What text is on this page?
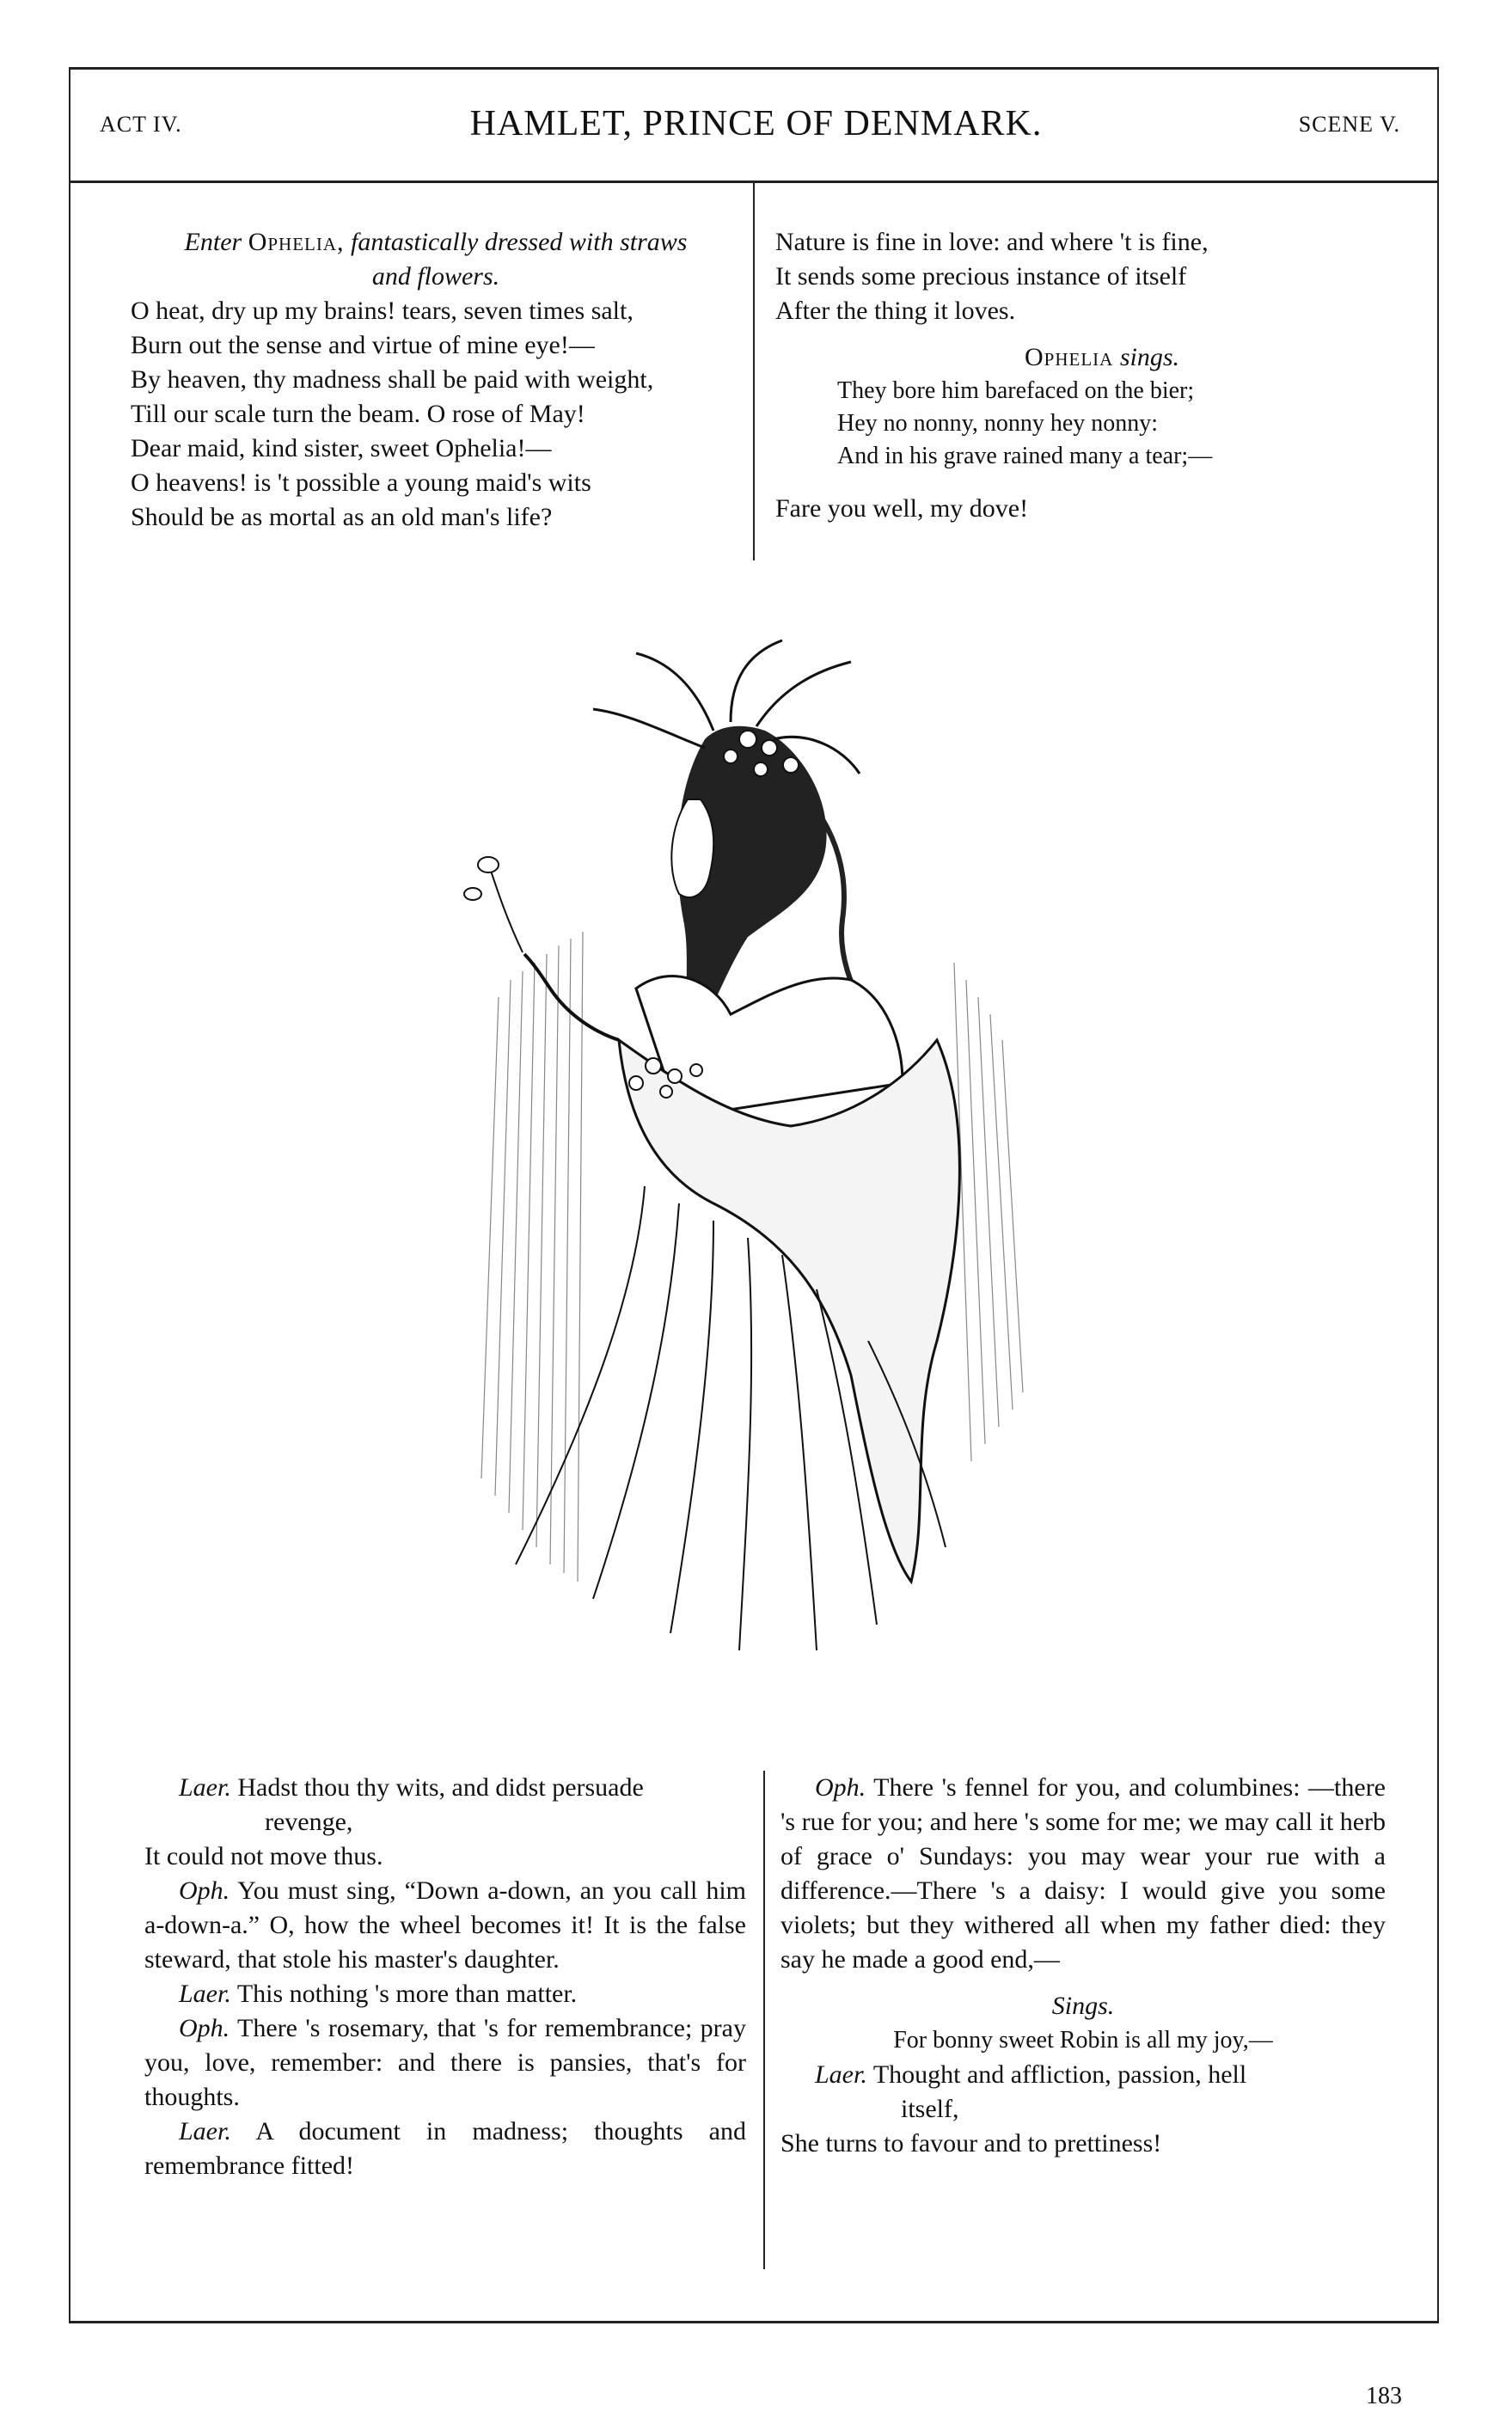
ACT IV.	HAMLET, PRINCE OF DENMARK.	SCENE V.

Enter Ophelia, fantastically dressed with straws

and flowers.

O heat, dry up my brains! tears, seven times salt,

Burn out the sense and virtue of mine eye!—

By heaven, thy madness shall be paid with weight,

Till our scale turn the beam. O rose of May!

Dear maid, kind sister, sweet Ophelia!—

O heavens! is 't possible a young maid's wits

Should be as mortal as an old man's life?

Nature is fine in love: and where 't is fine,

It sends some precious instance of itself

After the thing it loves.

Ophelia sings.

They bore him barefaced on the bier;

Hey no nonny, nonny hey nonny:

And in his grave rained many a tear;—

Fare you well, my dove!

Laer. Hadst thou thy wits, and didst persuade

revenge,

It could not move thus.

Oph. You must sing, “Down a-down, an you call him a-down-a.” O, how the wheel becomes it! It is the false steward, that stole his master's daughter.

Laer. This nothing 's more than matter.

Oph. There 's rosemary, that 's for remembrance; pray you, love, remember: and there is pansies, that's for thoughts.

Laer. A document in madness; thoughts and remembrance fitted!

Oph. There 's fennel for you, and columbines: —there 's rue for you; and here 's some for me; we may call it herb of grace o' Sundays: you may wear your rue with a difference.—There 's a daisy: I would give you some violets; but they withered all when my father died: they say he made a good end,—

Sings.

For bonny sweet Robin is all my joy,—

Laer. Thought and affliction, passion, hell

itself,

She turns to favour and to prettiness!

183
